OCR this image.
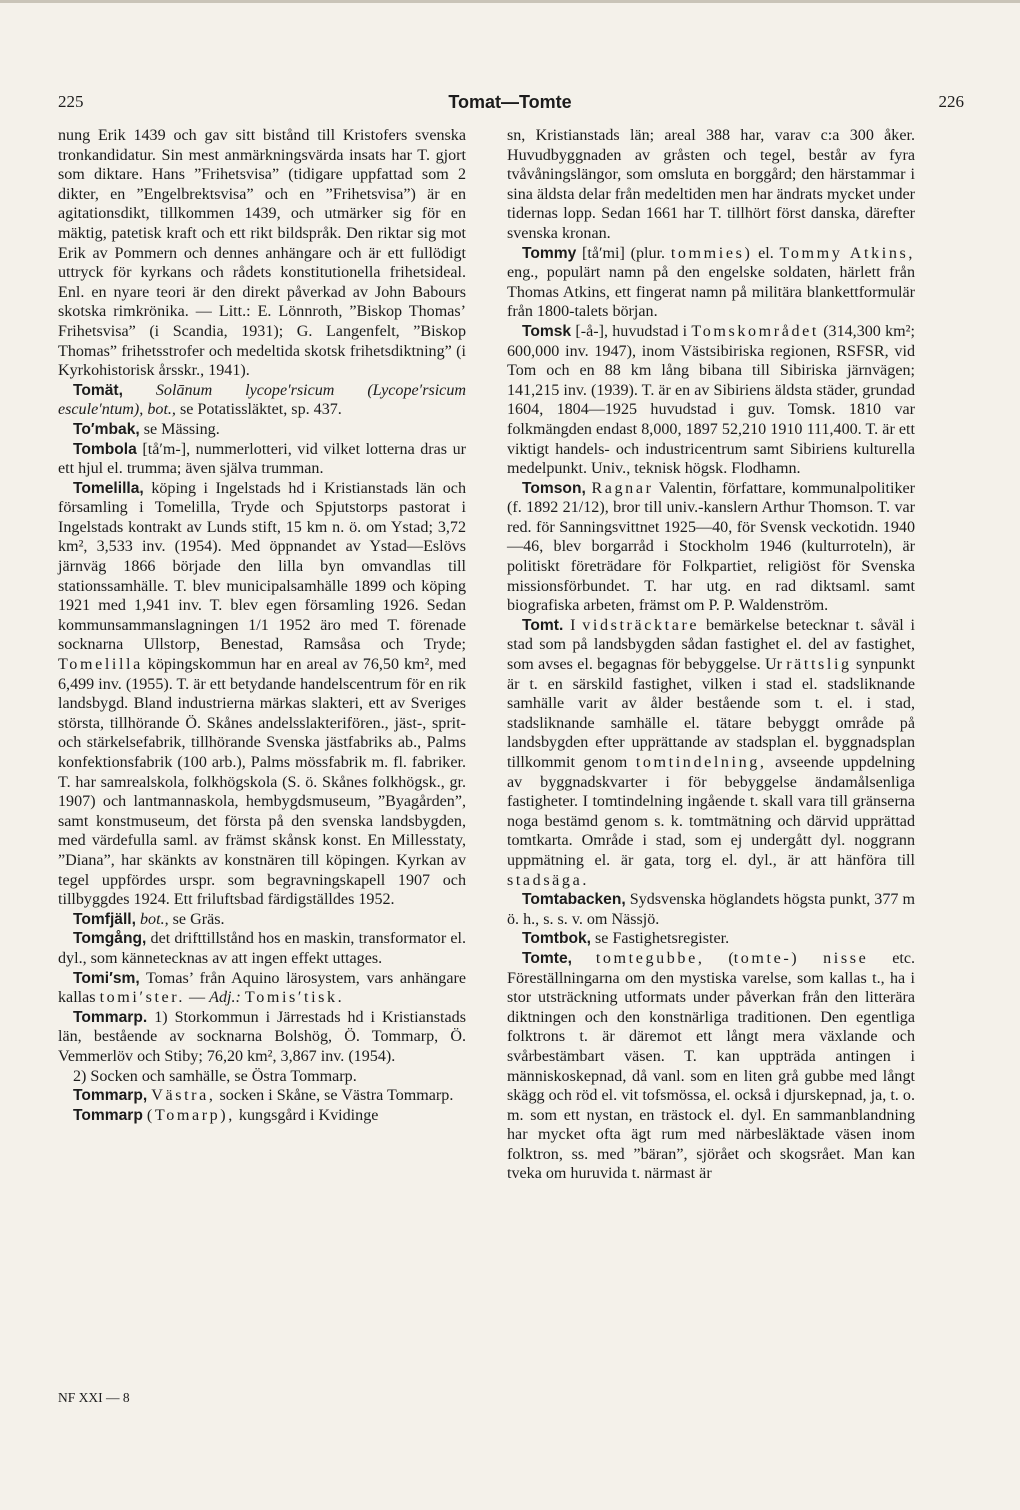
225	Tomat—Tomte	226

nung Erik 1439 och gav sitt bistånd till Kristofers svenska tronkandidatur. Sin mest anmärkningsvärda insats har T. gjort som diktare. Hans ”Frihetsvisa” (tidigare uppfattad som 2 dikter, en ”Engelbrektsvisa” och en ”Frihetsvisa”) är en agitationsdikt, tillkommen 1439, och utmärker sig för en mäktig, patetisk kraft och ett rikt bildspråk. Den riktar sig mot Erik av Pommern och dennes anhängare och är ett fullödigt uttryck för kyrkans och rådets konstitutionella frihetsideal. Enl. en nyare teori är den direkt påverkad av John Babours skotska rimkrönika. — Litt.: E. Lönnroth, ”Biskop Thomas’ Frihetsvisa” (i Scandia, 1931); G. Langenfelt, ”Biskop Thomas” frihetsstrofer och medeltida skotsk frihetsdiktning” (i Kyrkohistorisk årsskr., 1941).

Tomät, Solānum lycope′rsicum (Lycope′rsicum escule′ntum), bot., se Potatissläktet, sp. 437.

To′mbak, se Mässing.

Tombola [tå′m-], nummerlotteri, vid vilket lotterna dras ur ett hjul el. trumma; även själva trumman.

Tomelilla, köping i Ingelstads hd i Kristianstads län och församling i Tomelilla, Tryde och Spjutstorps pastorat i Ingelstads kontrakt av Lunds stift, 15 km n. ö. om Ystad; 3,72 km², 3,533 inv. (1954). Med öppnandet av Ystad—Eslövs järnväg 1866 började den lilla byn omvandlas till stationssamhälle. T. blev municipalsamhälle 1899 och köping 1921 med 1,941 inv. T. blev egen församling 1926. Sedan kommunsammanslagningen 1/1 1952 äro med T. förenade socknarna Ullstorp, Benestad, Ramsåsa och Tryde; Tomelilla köpingskommun har en areal av 76,50 km², med 6,499 inv. (1955). T. är ett betydande handelscentrum för en rik landsbygd. Bland industrierna märkas slakteri, ett av Sveriges största, tillhörande Ö. Skånes andelsslakterifören., jäst-, sprit- och stärkelsefabrik, tillhörande Svenska jästfabriks ab., Palms konfektionsfabrik (100 arb.), Palms mössfabrik m. fl. fabriker. T. har samrealskola, folkhögskola (S. ö. Skånes folkhögsk., gr. 1907) och lantmannaskola, hembygdsmuseum, ”Byagården”, samt konstmuseum, det första på den svenska landsbygden, med värdefulla saml. av främst skånsk konst. En Millesstaty, ”Diana”, har skänkts av konstnären till köpingen. Kyrkan av tegel uppfördes urspr. som begravningskapell 1907 och tillbyggdes 1924. Ett friluftsbad färdigställdes 1952.

Tomfjäll, bot., se Gräs.

Tomgång, det drifttillstånd hos en maskin, transformator el. dyl., som kännetecknas av att ingen effekt uttages.

Tomi′sm, Tomas’ från Aquino lärosystem, vars anhängare kallas tomi′ster. — Adj.: Tomis′tisk.

Tommarp. 1) Storkommun i Järrestads hd i Kristianstads län, bestående av socknarna Bolshög, Ö. Tommarp, Ö. Vemmerlöv och Stiby; 76,20 km², 3,867 inv. (1954).

2) Socken och samhälle, se Östra Tommarp.

Tommarp, Västra, socken i Skåne, se Västra Tommarp.

Tommarp (Tomarp), kungsgård i Kvidinge

sn, Kristianstads län; areal 388 har, varav c:a 300 åker. Huvudbyggnaden av gråsten och tegel, består av fyra tvåvåningslängor, som omsluta en borggård; den härstammar i sina äldsta delar från medeltiden men har ändrats mycket under tidernas lopp. Sedan 1661 har T. tillhört först danska, därefter svenska kronan.

Tommy [tå′mi] (plur. tommies) el. Tommy Atkins, eng., populärt namn på den engelske soldaten, härlett från Thomas Atkins, ett fingerat namn på militära blankettformulär från 1800-talets början.

Tomsk [-å-], huvudstad i Tomskområdet (314,300 km²; 600,000 inv. 1947), inom Västsibiriska regionen, RSFSR, vid Tom och en 88 km lång bibana till Sibiriska järnvägen; 141,215 inv. (1939). T. är en av Sibiriens äldsta städer, grundad 1604, 1804—1925 huvudstad i guv. Tomsk. 1810 var folkmängden endast 8,000, 1897 52,210 1910 111,400. T. är ett viktigt handels- och industricentrum samt Sibiriens kulturella medelpunkt. Univ., teknisk högsk. Flodhamn.

Tomson, Ragnar Valentin, författare, kommunalpolitiker (f. 1892 21/12), bror till univ.-kanslern Arthur Thomson. T. var red. för Sanningsvittnet 1925—40, för Svensk veckotidn. 1940—46, blev borgarråd i Stockholm 1946 (kulturroteln), är politiskt företrädare för Folkpartiet, religiöst för Svenska missionsförbundet. T. har utg. en rad diktsaml. samt biografiska arbeten, främst om P. P. Waldenström.

Tomt. I vidsträcktare bemärkelse betecknar t. såväl i stad som på landsbygden sådan fastighet el. del av fastighet, som avses el. begagnas för bebyggelse. Ur rättslig synpunkt är t. en särskild fastighet, vilken i stad el. stadsliknande samhälle varit av ålder bestående som t. el. i stad, stadsliknande samhälle el. tätare bebyggt område på landsbygden efter upprättande av stadsplan el. byggnadsplan tillkommit genom tomtindelning, avseende uppdelning av byggnadskvarter i för bebyggelse ändamålsenliga fastigheter. I tomtindelning ingående t. skall vara till gränserna noga bestämd genom s. k. tomtmätning och därvid upprättad tomtkarta. Område i stad, som ej undergått dyl. noggrann uppmätning el. är gata, torg el. dyl., är att hänföra till stadsäga.

Tomtabacken, Sydsvenska höglandets högsta punkt, 377 m ö. h., s. s. v. om Nässjö.

Tomtbok, se Fastighetsregister.

Tomte, tomtegubbe, (tomte-) nisse etc. Föreställningarna om den mystiska varelse, som kallas t., ha i stor utsträckning utformats under påverkan från den litterära diktningen och den konstnärliga traditionen. Den egentliga folktrons t. är däremot ett långt mera växlande och svårbestämbart väsen. T. kan uppträda antingen i människoskepnad, då vanl. som en liten grå gubbe med långt skägg och röd el. vit tofsmössa, el. också i djurskepnad, ja, t. o. m. som ett nystan, en trästock el. dyl. En sammanblandning har mycket ofta ägt rum med närbesläktade väsen inom folktron, ss. med ”bäran”, sjörået och skogsrået. Man kan tveka om huruvida t. närmast är

NF XXI — 8
